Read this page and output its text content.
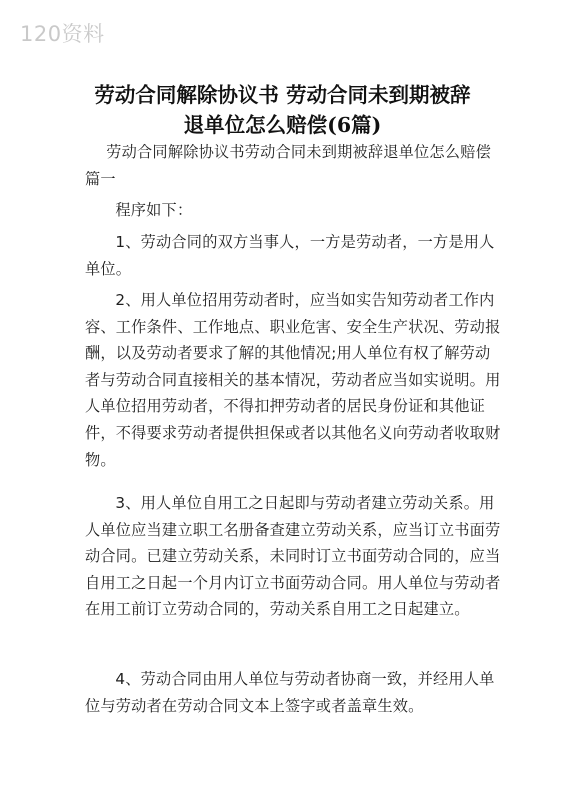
120资料
劳动合同解除协议书 劳动合同未到期被辞
退单位怎么赔偿(6篇)
劳动合同解除协议书劳动合同未到期被辞退单位怎么赔偿篇一
程序如下：
1、劳动合同的双方当事人，一方是劳动者，一方是用人单位。
2、用人单位招用劳动者时，应当如实告知劳动者工作内容、工作条件、工作地点、职业危害、安全生产状况、劳动报酬，以及劳动者要求了解的其他情况;用人单位有权了解劳动者与劳动合同直接相关的基本情况，劳动者应当如实说明。用人单位招用劳动者，不得扣押劳动者的居民身份证和其他证件，不得要求劳动者提供担保或者以其他名义向劳动者收取财物。
3、用人单位自用工之日起即与劳动者建立劳动关系。用人单位应当建立职工名册备查建立劳动关系，应当订立书面劳动合同。已建立劳动关系，未同时订立书面劳动合同的，应当自用工之日起一个月内订立书面劳动合同。用人单位与劳动者在用工前订立劳动合同的，劳动关系自用工之日起建立。
4、劳动合同由用人单位与劳动者协商一致，并经用人单位与劳动者在劳动合同文本上签字或者盖章生效。
